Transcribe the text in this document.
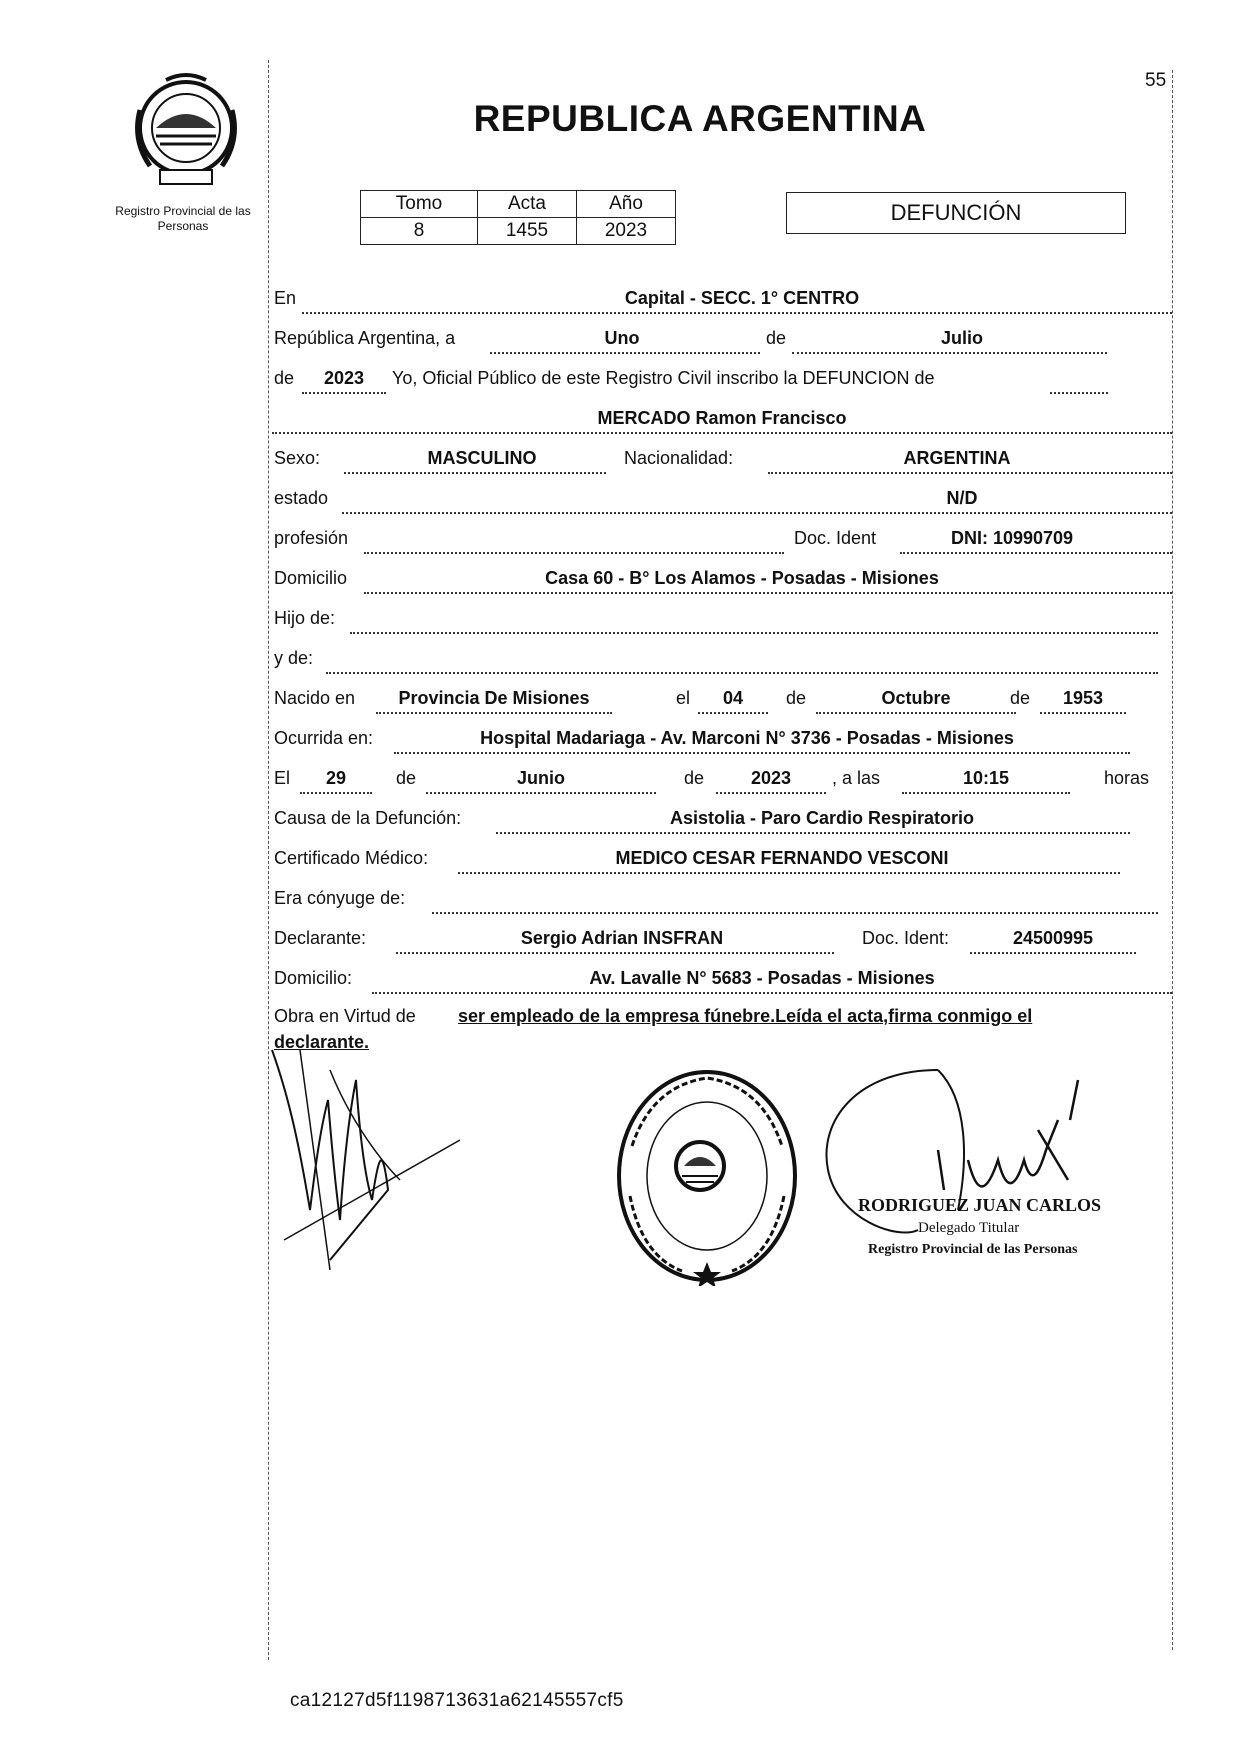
55
Registro Provincial de las Personas
REPUBLICA ARGENTINA
Tomo	Acta	Año
8	1455	2023
DEFUNCIÓN
En	Capital - SECC. 1° CENTRO
República Argentina, a	Uno	de	Julio
de	2023	Yo, Oficial Público de este Registro Civil inscribo la DEFUNCION de
MERCADO Ramon Francisco
Sexo:	MASCULINO	Nacionalidad:	ARGENTINA
estado	N/D
profesión	Doc. Ident	DNI: 10990709
Domicilio	Casa 60 - B° Los Alamos - Posadas - Misiones
Hijo de:
y de:
Nacido en	Provincia De Misiones	el	04	de	Octubre	de	1953
Ocurrida en:	Hospital Madariaga - Av. Marconi N° 3736 - Posadas - Misiones
El	29	de	Junio	de	2023	, a las	10:15	horas
Causa de la Defunción:	Asistolia - Paro Cardio Respiratorio
Certificado Médico:	MEDICO CESAR FERNANDO VESCONI
Era cónyuge de:
Declarante:	Sergio Adrian INSFRAN	Doc. Ident:	24500995
Domicilio:	Av. Lavalle N° 5683 - Posadas - Misiones
Obra en Virtud de ser empleado de la empresa fúnebre.Leída el acta,firma conmigo el
declarante.
RODRIGUEZ JUAN CARLOS
Delegado Titular
Registro Provincial de las Personas
ca12127d5f1198713631a62145557cf5
